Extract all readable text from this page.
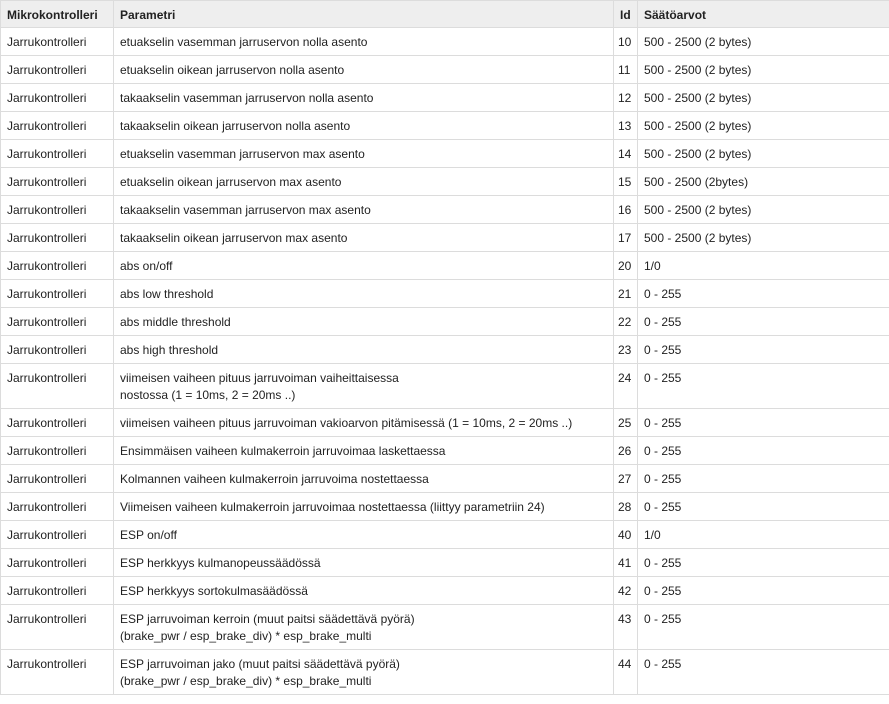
Mikrokontrolleri	Parametri	Id	Säätöarvot
Jarrukontrolleri	etuakselin vasemman jarruservon nolla asento	10	500 - 2500 (2 bytes)
Jarrukontrolleri	etuakselin oikean jarruservon nolla asento	11	500 - 2500 (2 bytes)
Jarrukontrolleri	takaakselin vasemman jarruservon nolla asento	12	500 - 2500 (2 bytes)
Jarrukontrolleri	takaakselin oikean jarruservon nolla asento	13	500 - 2500 (2 bytes)
Jarrukontrolleri	etuakselin vasemman jarruservon max asento	14	500 - 2500 (2 bytes)
Jarrukontrolleri	etuakselin oikean jarruservon max asento	15	500 - 2500 (2bytes)
Jarrukontrolleri	takaakselin vasemman jarruservon max asento	16	500 - 2500 (2 bytes)
Jarrukontrolleri	takaakselin oikean jarruservon max asento	17	500 - 2500 (2 bytes)
Jarrukontrolleri	abs on/off	20	1/0
Jarrukontrolleri	abs low threshold	21	0 - 255
Jarrukontrolleri	abs middle threshold	22	0 - 255
Jarrukontrolleri	abs high threshold	23	0 - 255
Jarrukontrolleri	viimeisen vaiheen pituus jarruvoiman vaiheittaisessa
nostossa (1 = 10ms, 2 = 20ms ..)	24	0 - 255
Jarrukontrolleri	viimeisen vaiheen pituus jarruvoiman vakioarvon pitämisessä (1 = 10ms, 2 = 20ms ..)	25	0 - 255
Jarrukontrolleri	Ensimmäisen vaiheen kulmakerroin jarruvoimaa laskettaessa	26	0 - 255
Jarrukontrolleri	Kolmannen vaiheen kulmakerroin jarruvoima nostettaessa	27	0 - 255
Jarrukontrolleri	Viimeisen vaiheen kulmakerroin jarruvoimaa nostettaessa (liittyy parametriin 24)	28	0 - 255
Jarrukontrolleri	ESP on/off	40	1/0
Jarrukontrolleri	ESP herkkyys kulmanopeussäädössä	41	0 - 255
Jarrukontrolleri	ESP herkkyys sortokulmasäädössä	42	0 - 255
Jarrukontrolleri	ESP jarruvoiman kerroin (muut paitsi säädettävä pyörä)
(brake_pwr / esp_brake_div) * esp_brake_multi	43	0 - 255
Jarrukontrolleri	ESP jarruvoiman jako (muut paitsi säädettävä pyörä)
(brake_pwr / esp_brake_div) * esp_brake_multi	44	0 - 255
